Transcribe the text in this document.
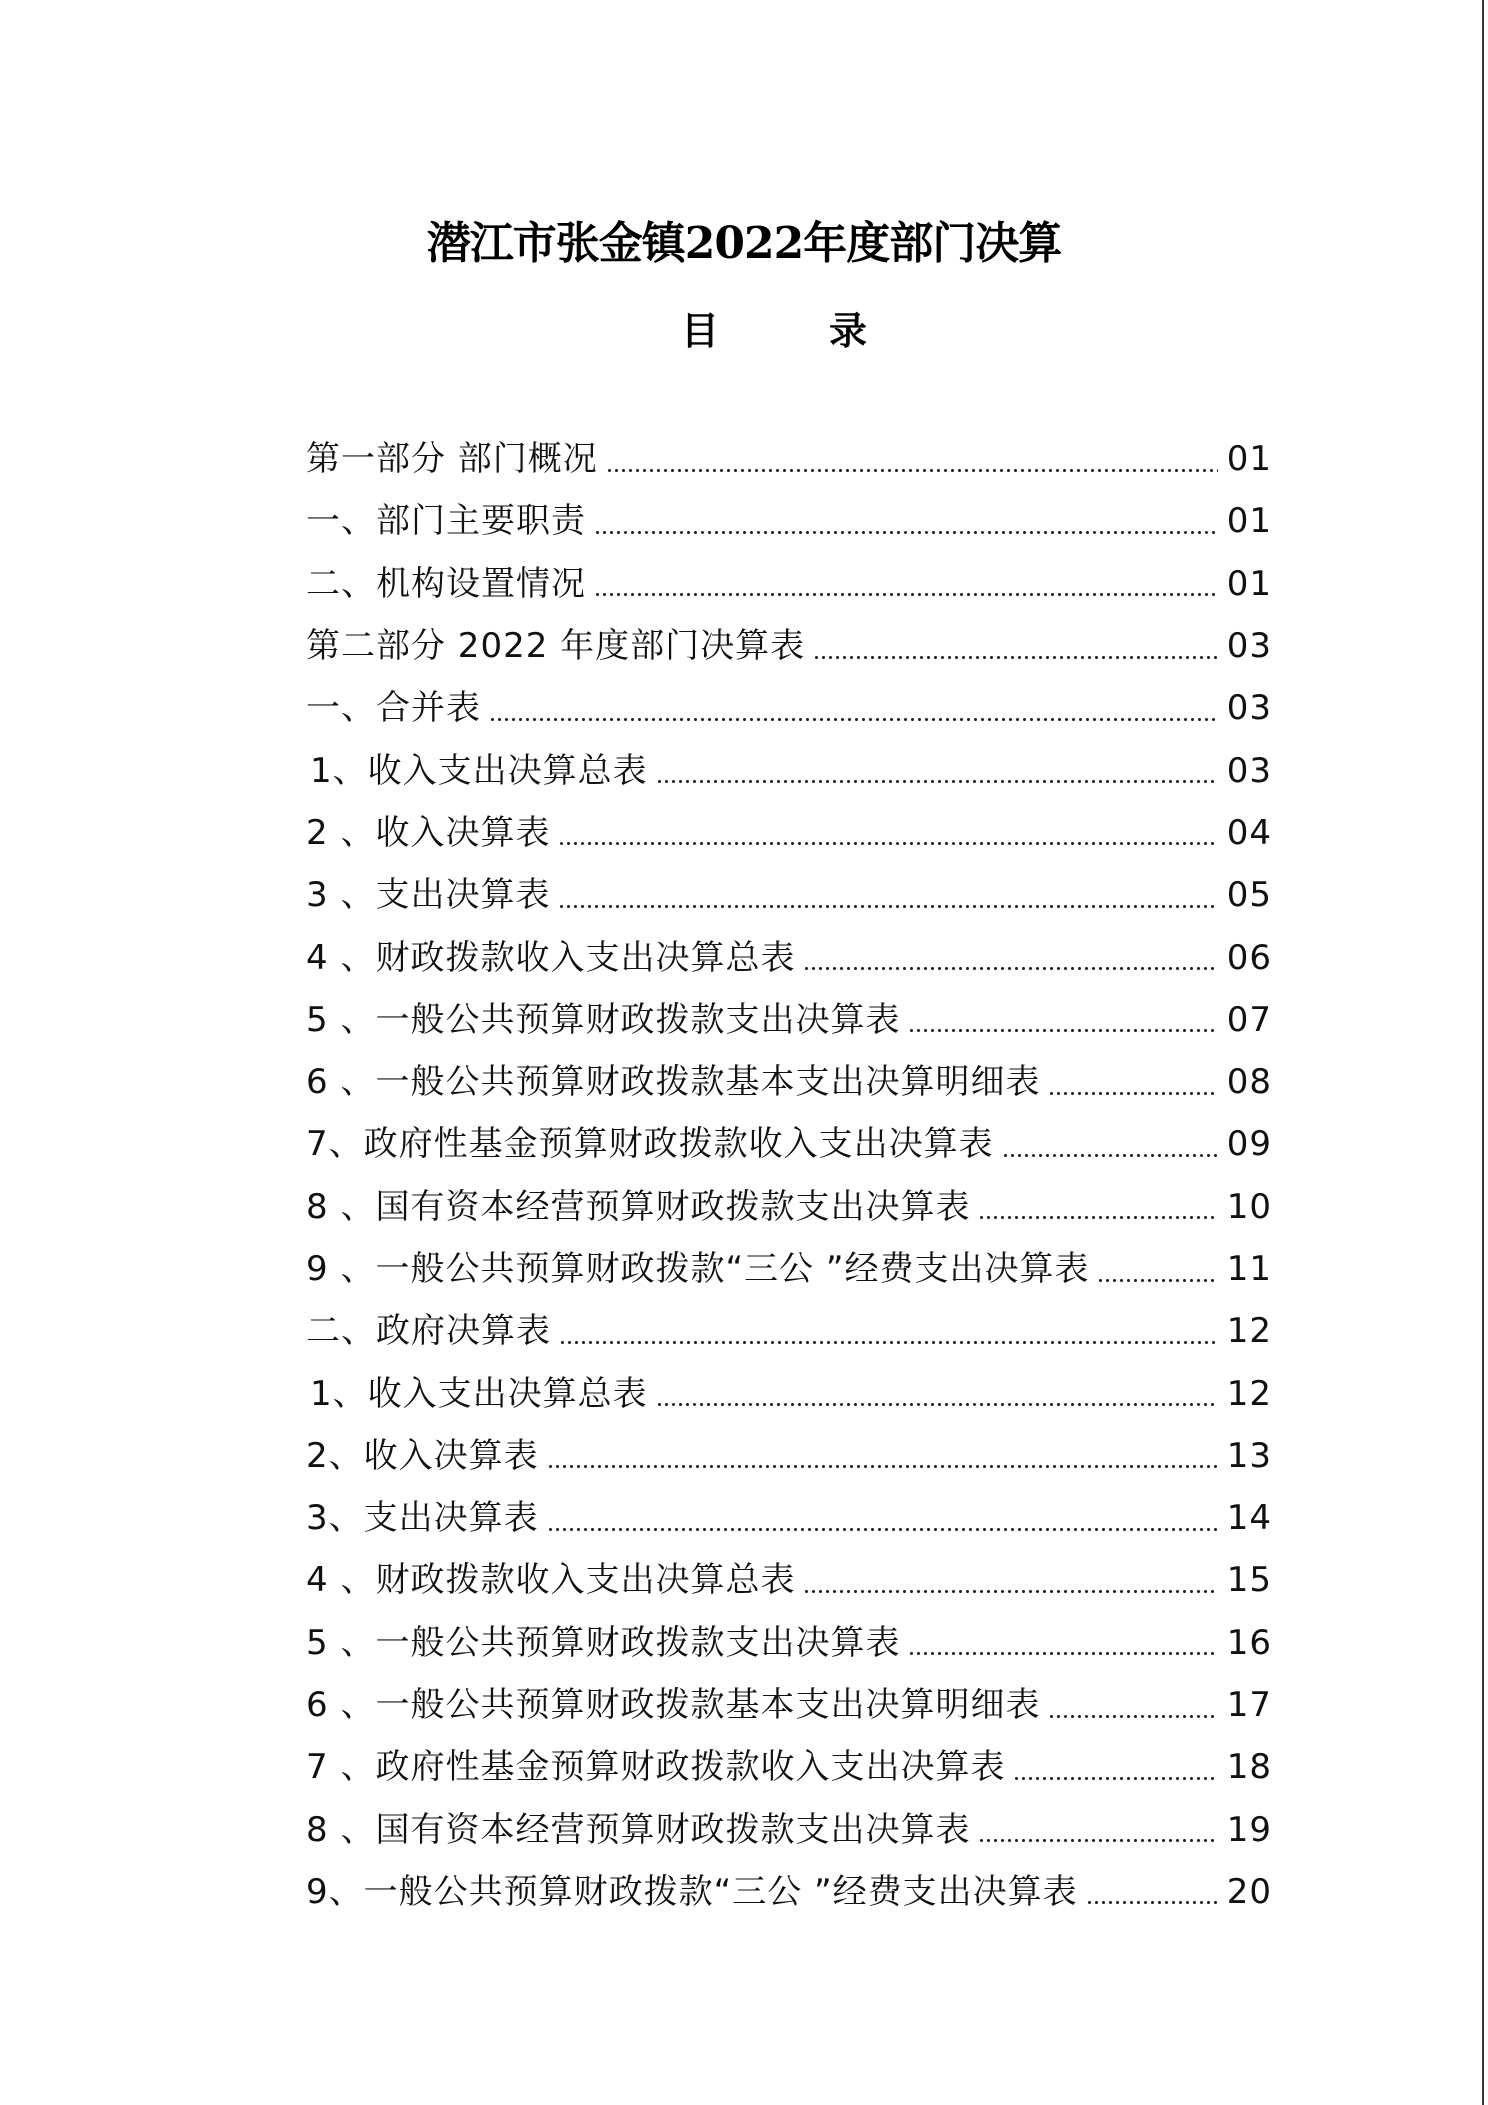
潜江市张金镇2022年度部门决算
目	录
第一部分 部门概况	01
一、部门主要职责	01
二、机构设置情况	01
第二部分 2022 年度部门决算表	03
一、合并表	03
1、收入支出决算总表	03
2 、收入决算表	04
3 、支出决算表	05
4 、财政拨款收入支出决算总表	06
5 、一般公共预算财政拨款支出决算表	07
6 、一般公共预算财政拨款基本支出决算明细表	08
7、政府性基金预算财政拨款收入支出决算表	09
8 、国有资本经营预算财政拨款支出决算表	10
9 、一般公共预算财政拨款“三公 ”经费支出决算表	11
二、政府决算表	12
1、收入支出决算总表	12
2、收入决算表	13
3、支出决算表	14
4 、财政拨款收入支出决算总表	15
5 、一般公共预算财政拨款支出决算表	16
6 、一般公共预算财政拨款基本支出决算明细表	17
7 、政府性基金预算财政拨款收入支出决算表	18
8 、国有资本经营预算财政拨款支出决算表	19
9、一般公共预算财政拨款“三公 ”经费支出决算表	20
